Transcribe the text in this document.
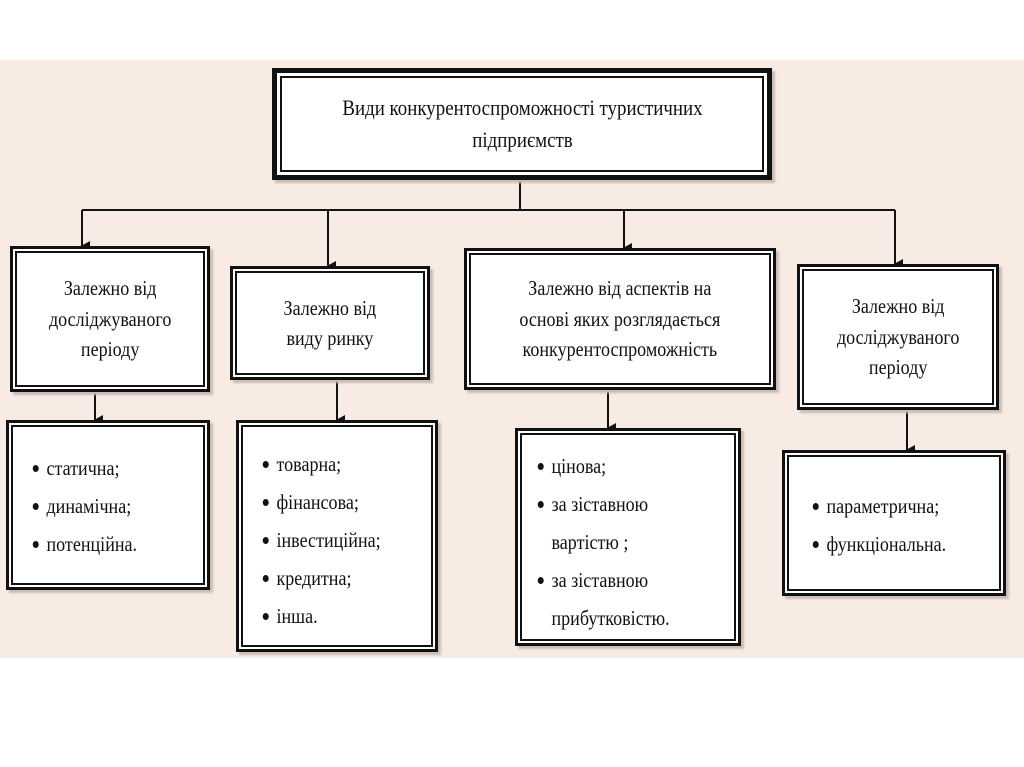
Види конкурентоспроможності туристичних
підприємств
Залежно від
досліджуваного
періоду
Залежно від
виду ринку
Залежно від аспектів на
основі яких розглядається
конкурентоспроможність
Залежно від
досліджуваного
періоду
статична;
динамічна;
потенційна.
товарна;
фінансова;
інвестиційна;
кредитна;
інша.
цінова;
за зіставною
вартістю ;
за зіставною
прибутковістю.
параметрична;
функціональна.
